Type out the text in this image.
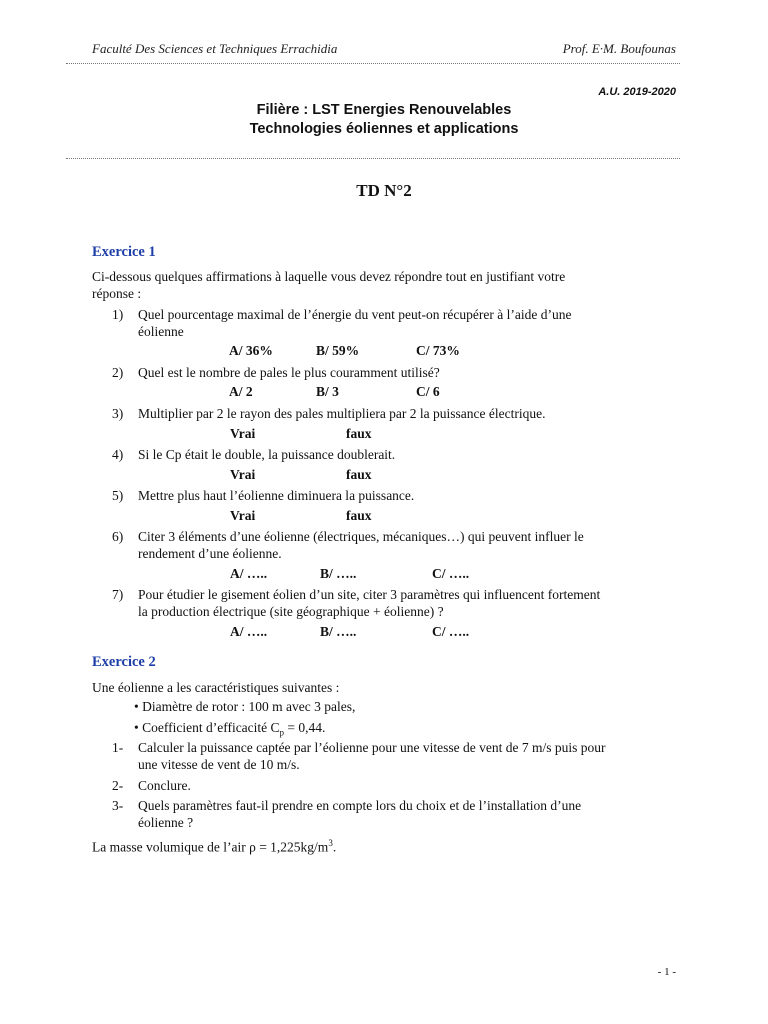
Faculté Des Sciences et Techniques Errachidia	Prof. E·M. Boufounas
A.U. 2019-2020
Filière : LST Energies Renouvelables
Technologies éoliennes et applications
TD N°2
Exercice 1
Ci-dessous quelques affirmations à laquelle vous devez répondre tout en justifiant votre
réponse :
1)	Quel pourcentage maximal de l’énergie du vent peut-on récupérer à l’aide d’une
éolienne
A/ 36%	B/ 59%	C/ 73%
2)	Quel est le nombre de pales le plus couramment utilisé?
A/ 2	B/ 3	C/ 6
3)	Multiplier par 2 le rayon des pales multipliera par 2 la puissance électrique.
Vrai	faux
4)	Si le Cp était le double, la puissance doublerait.
Vrai	faux
5)	Mettre plus haut l’éolienne diminuera la puissance.
Vrai	faux
6)	Citer 3 éléments d’une éolienne (électriques, mécaniques…) qui peuvent influer le
rendement d’une éolienne.
A/ …..	B/ …..	C/ …..
7)	Pour étudier le gisement éolien d’un site, citer 3 paramètres qui influencent fortement
la production électrique (site géographique + éolienne) ?
A/ …..	B/ …..	C/ …..
Exercice 2
Une éolienne a les caractéristiques suivantes :
• Diamètre de rotor : 100 m avec 3 pales,
• Coefficient d’efficacité $C_p = 0,44$.
1-	Calculer la puissance captée par l’éolienne pour une vitesse de vent de 7 m/s puis pour
une vitesse de vent de 10 m/s.
2-	Conclure.
3-	Quels paramètres faut-il prendre en compte lors du choix et de l’installation d’une
éolienne ?
La masse volumique de l’air $\rho = 1,225kg/m^3$.
- 1 -
